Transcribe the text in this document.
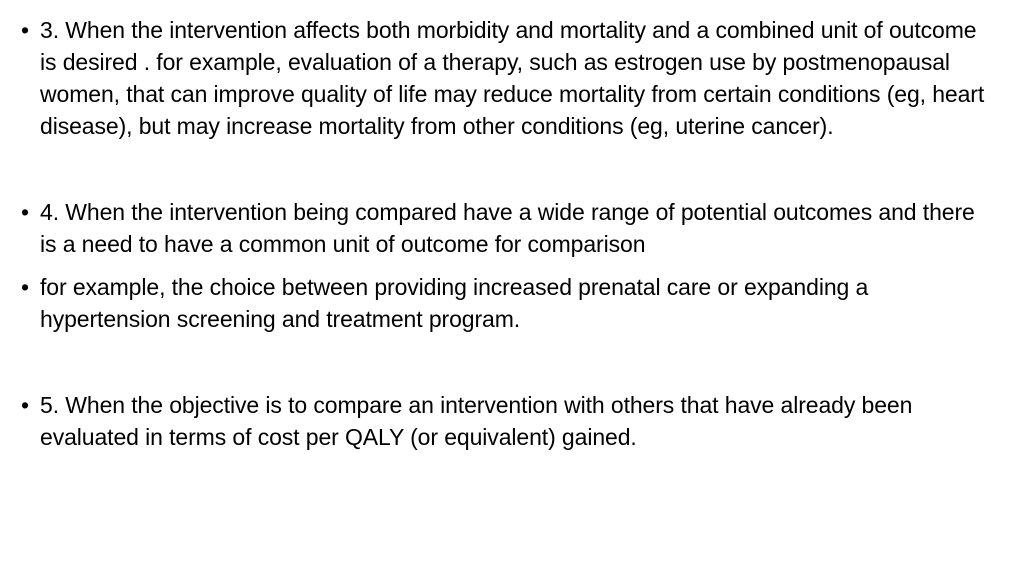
• 3. When the intervention affects both morbidity and mortality and a combined unit of outcome is desired . for example, evaluation of a therapy, such as estrogen use by postmenopausal women, that can improve quality of life may reduce mortality from certain conditions (eg, heart disease), but may increase mortality from other conditions (eg, uterine cancer).
• 4. When the intervention being compared have a wide range of potential outcomes and there is a need to have a common unit of outcome for comparison
• for example, the choice between providing increased prenatal care or expanding a hypertension screening and treatment program.
• 5. When the objective is to compare an intervention with others that have already been evaluated in terms of cost per QALY (or equivalent) gained.
